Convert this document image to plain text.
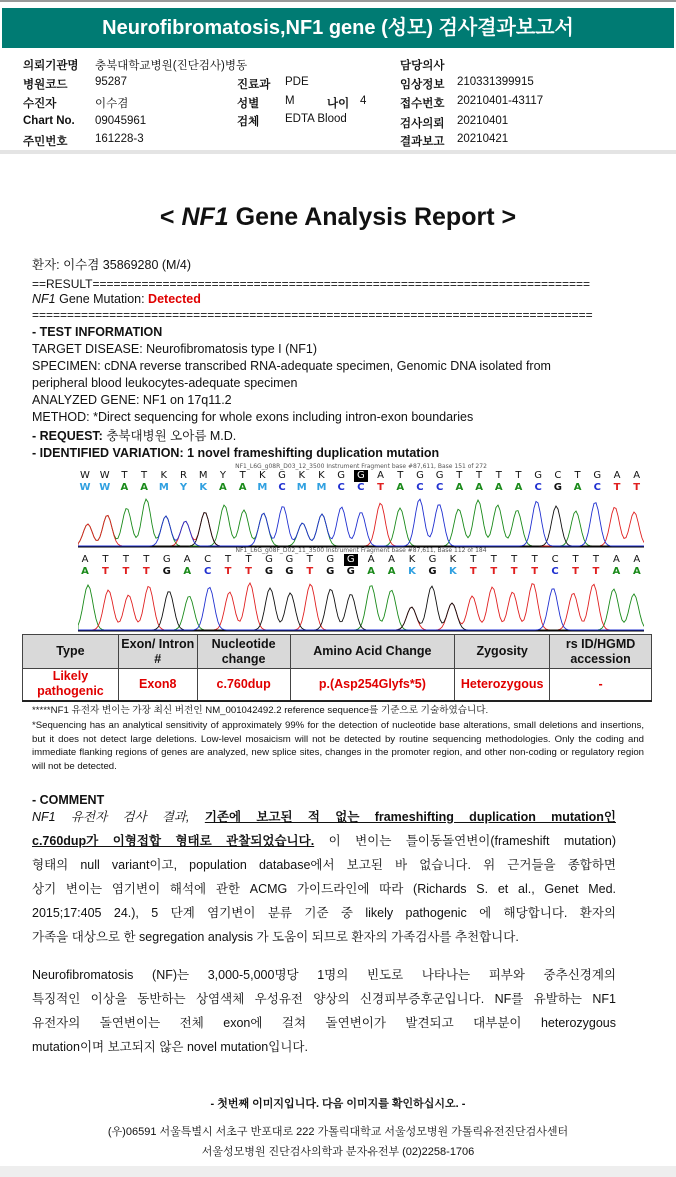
Neurofibromatosis,NF1 gene (성모) 검사결과보고서
의뢰기관명 충북대학교병원(진단검사)병동	담당의사
병원코드 95287	진료과 PDE	임상정보 210331399915
수진자	이수겸	성별 M	나이 4	접수번호 20210401-43117
Chart No. 09045961	검체 EDTA Blood	검사의뢰 20210401
주민번호 161228-3	결과보고 20210421
< NF1 Gene Analysis Report >
환자: 이수겸 35869280 (M/4)
==RESULT=======================================================================
NF1 Gene Mutation: Detected
================================================================================
- TEST INFORMATION
TARGET DISEASE: Neurofibromatosis type I (NF1)
SPECIMEN: cDNA reverse transcribed RNA-adequate specimen, Genomic DNA isolated from
peripheral blood leukocytes-adequate specimen
ANALYZED GENE: NF1 on 17q11.2
METHOD: *Direct sequencing for whole exons including intron-exon boundaries
- REQUEST: 충북대병원 오아름 M.D.
- IDENTIFIED VARIATION: 1 novel frameshifting duplication mutation
NF1_L6G_g08R_D03_12_3500 Instrument Fragment base #87,611, Base 151 of 272
W W	T	T	K	R	M	Y	T	K	G	K	K	G	G	A	T	G	G	T	T	T	T	G	C	T	G	A	A
W W	A	A	M	Y	K	A	A	M	C	M M	C	C	T	A	C	C	A	A	A	A	C	G	A	C	T	T
NF1_L6G_g08F_D02_11_3500 Instrument Fragment base #87,611, Base 112 of 184
A	T	T	T	G	A	C	T	T	G	G	T	G	G	A	A	K	G	K	T	T	T	T	C	T	T	A	A
A	T	T	T	G	A	C	T	T	G G	T	G G	A	A	K	G	K	T	T	T	T	C	T	T	A	A
Type	Exon/ Intron #	Nucleotide change	Amino Acid Change	Zygosity	rs ID/HGMD accession
Likely pathogenic	Exon8	c.760dup	p.(Asp254Glyfs*5)	Heterozygous	-
*****NF1 유전자 변이는 가장 최신 버전인 NM_001042492.2 reference sequence를 기준으로 기술하였습니다.
*Sequencing has an analytical sensitivity of approximately 99% for the detection of nucleotide base alterations, small deletions and insertions, but it does not detect large deletions. Low-level mosaicism will not be detected by routine sequencing methodologies. Only the coding and immediate flanking regions of genes are analyzed, new splice sites, changes in the promoter region, and other non-coding or regulatory region will not be detected.
- COMMENT
NF1 유전자 검사 결과, 기존에 보고된 적 없는 frameshifting duplication mutation인
c.760dup가 이형접합 형태로 관찰되었습니다. 이 변이는 틀이동돌연변이(frameshift mutation)
형태의 null variant이고, population database에서 보고된 바 없습니다. 위 근거들을 종합하면
상기 변이는 염기변이 해석에 관한 ACMG 가이드라인에 따라 (Richards S. et al., Genet Med.
2015;17:405 24.), 5 단계 염기변이 분류 기준 중 likely pathogenic 에 해당합니다. 환자의
가족을 대상으로 한 segregation analysis 가 도움이 되므로 환자의 가족검사를 추천합니다.
Neurofibromatosis (NF)는 3,000-5,000명당 1명의 빈도로 나타나는 피부와 중추신경계의
특징적인 이상을 동반하는 상염색체 우성유전 양상의 신경피부증후군입니다. NF를 유발하는 NF1
유전자의 돌연변이는 전체 exon에 걸쳐 돌연변이가 발견되고 대부분이 heterozygous
mutation이며 보고되지 않은 novel mutation입니다.
- 첫번째 이미지입니다. 다음 이미지를 확인하십시오. -
(우)06591 서울특별시 서초구 반포대로 222 가톨릭대학교 서울성모병원 가톨릭유전진단검사센터
서울성모병원 진단검사의학과 분자유전부 (02)2258-1706
